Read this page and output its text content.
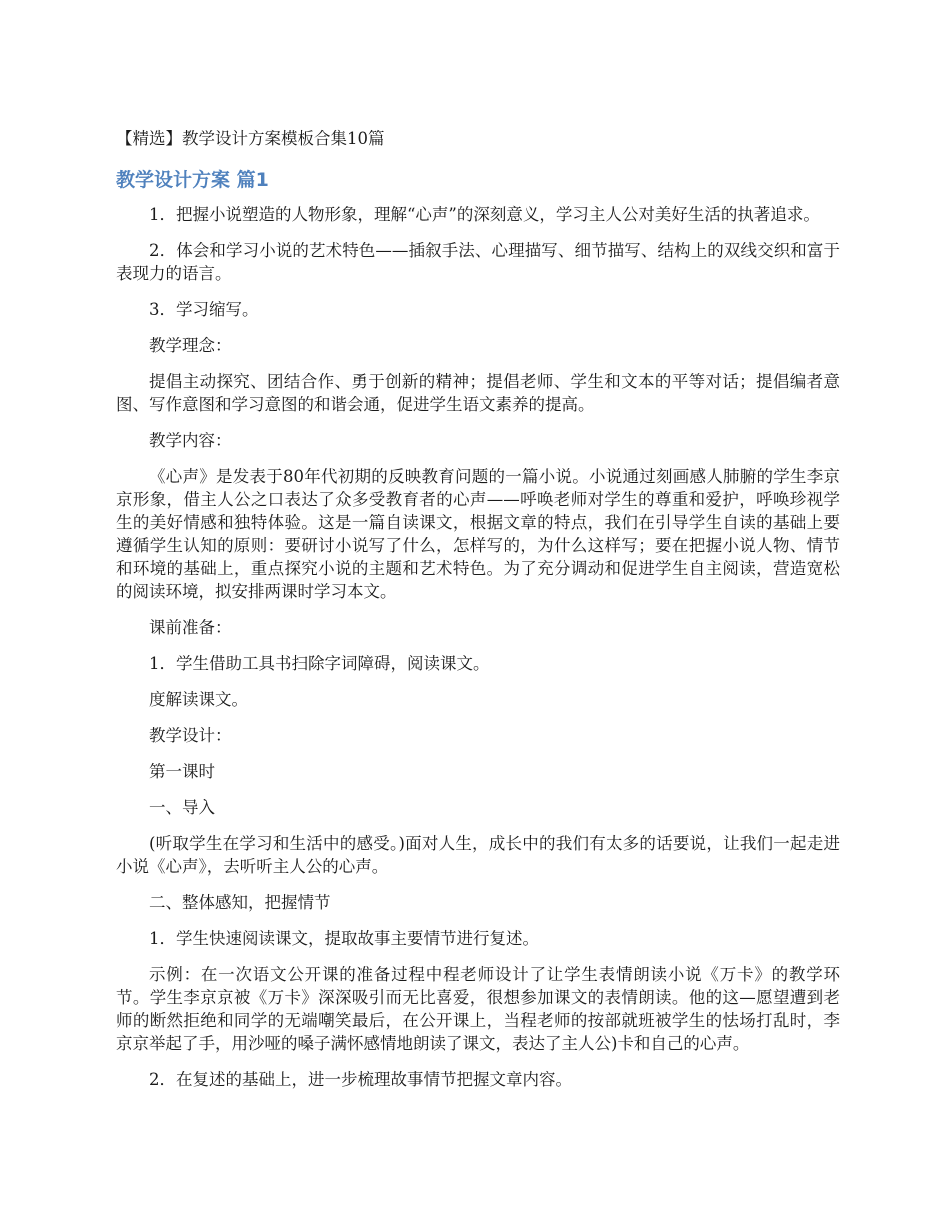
【精选】教学设计方案模板合集10篇
教学设计方案 篇1

1．把握小说塑造的人物形象，理解“心声”的深刻意义，学习主人公对美好生活的执著追求。

2．体会和学习小说的艺术特色——插叙手法、心理描写、细节描写、结构上的双线交织和富于表现力的语言。

3．学习缩写。

教学理念：

提倡主动探究、团结合作、勇于创新的精神；提倡老师、学生和文本的平等对话；提倡编者意图、写作意图和学习意图的和谐会通，促进学生语文素养的提高。

教学内容：

《心声》是发表于80年代初期的反映教育问题的一篇小说。小说通过刻画感人肺腑的学生李京京形象，借主人公之口表达了众多受教育者的心声——呼唤老师对学生的尊重和爱护，呼唤珍视学生的美好情感和独特体验。这是一篇自读课文，根据文章的特点，我们在引导学生自读的基础上要遵循学生认知的原则：要研讨小说写了什么，怎样写的，为什么这样写；要在把握小说人物、情节和环境的基础上，重点探究小说的主题和艺术特色。为了充分调动和促进学生自主阅读，营造宽松的阅读环境，拟安排两课时学习本文。

课前准备：

1．学生借助工具书扫除字词障碍，阅读课文。

度解读课文。

教学设计：

第一课时

一、导入

(听取学生在学习和生活中的感受。)面对人生，成长中的我们有太多的话要说，让我们一起走进小说《心声》，去听听主人公的心声。

二、整体感知，把握情节

1．学生快速阅读课文，提取故事主要情节进行复述。

示例：在一次语文公开课的准备过程中程老师设计了让学生表情朗读小说《万卡》的教学环节。学生李京京被《万卡》深深吸引而无比喜爱，很想参加课文的表情朗读。他的这—愿望遭到老师的断然拒绝和同学的无端嘲笑最后，在公开课上，当程老师的按部就班被学生的怯场打乱时，李京京举起了手，用沙哑的嗓子满怀感情地朗读了课文，表达了主人公)卡和自己的心声。

2．在复述的基础上，进一步梳理故事情节把握文章内容。
